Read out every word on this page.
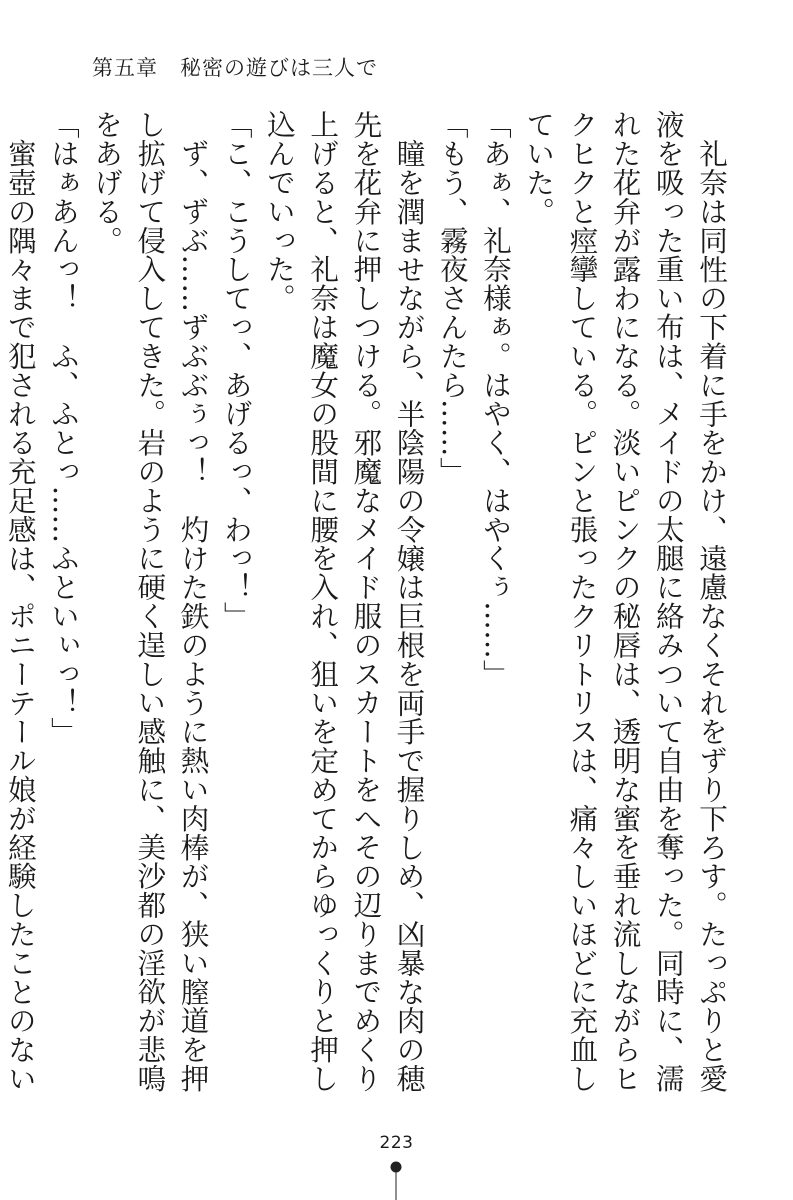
第五章　秘密の遊びは三人で

礼奈は同性の下着に手をかけ、遠慮なくそれをずり下ろす。たっぷりと愛液を吸った重い布は、メイドの太腿に絡みついて自由を奪った。同時に、濡れた花弁が露わになる。淡いピンクの秘唇は、透明な蜜を垂れ流しながらヒクヒクと痙攣している。ピンと張ったクリトリスは、痛々しいほどに充血していた。

「あぁ、礼奈様ぁ。はやく、はやくぅ……」

「もう、霧夜さんたら……」

瞳を潤ませながら、半陰陽の令嬢は巨根を両手で握りしめ、凶暴な肉の穂先を花弁に押しつける。邪魔なメイド服のスカートをへその辺りまでめくり上げると、礼奈は魔女の股間に腰を入れ、狙いを定めてからゆっくりと押し込んでいった。

「こ、こうしてっ、あげるっ、わっ！」

ず、ずぶ……ずぶぶぅっ！　灼けた鉄のように熱い肉棒が、狭い膣道を押し拡げて侵入してきた。岩のように硬く逞しい感触に、美沙都の淫欲が悲鳴をあげる。

「はぁあんっ！　ふ、ふとっ……ふといぃっ！」

蜜壺の隅々まで犯される充足感は、ポニーテール娘が経験したことのない

223
